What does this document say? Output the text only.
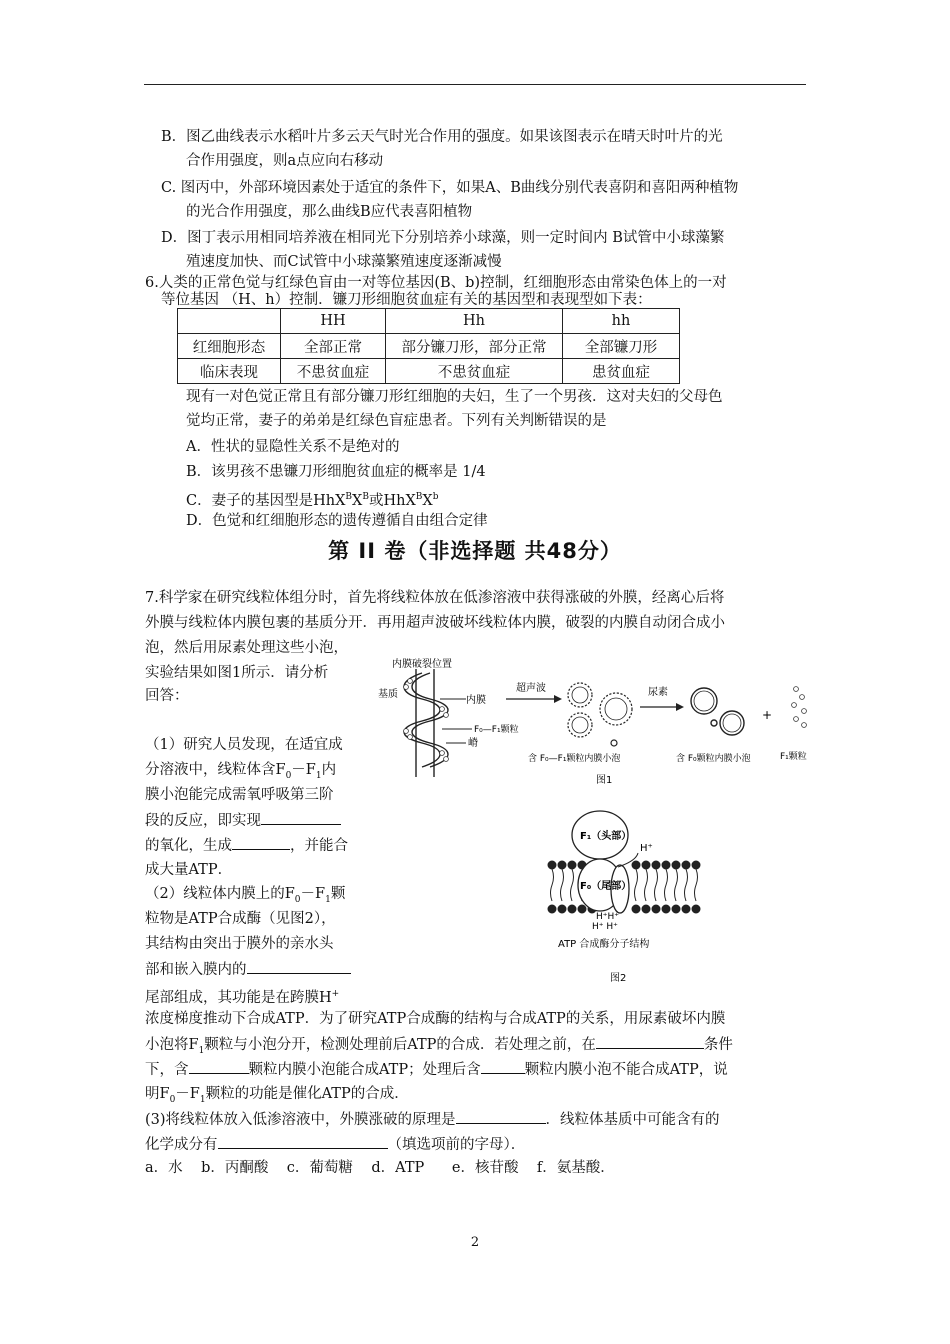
B．图乙曲线表示水稻叶片多云天气时光合作用的强度。如果该图表示在晴天时叶片的光
合作用强度，则a点应向右移动
C. 图丙中，外部环境因素处于适宜的条件下，如果A、B曲线分别代表喜阴和喜阳两种植物
的光合作用强度，那么曲线B应代表喜阳植物
D．图丁表示用相同培养液在相同光下分别培养小球藻，则一定时间内 B试管中小球藻繁
殖速度加快、而C试管中小球藻繁殖速度逐渐减慢
6.人类的正常色觉与红绿色盲由一对等位基因(B、b)控制，红细胞形态由常染色体上的一对
等位基因 （H、h）控制．镰刀形细胞贫血症有关的基因型和表现型如下表：
	HH	Hh	hh
红细胞形态	全部正常	部分镰刀形，部分正常	全部镰刀形
临床表现	不患贫血症	不患贫血症	患贫血症
现有一对色觉正常且有部分镰刀形红细胞的夫妇，生了一个男孩．这对夫妇的父母色
觉均正常，妻子的弟弟是红绿色盲症患者。下列有关判断错误的是
A．性状的显隐性关系不是绝对的
B．该男孩不患镰刀形细胞贫血症的概率是 1/4
C．妻子的基因型是$HhX^BX^B$或$HhX^BX^b$
D．色觉和红细胞形态的遗传遵循自由组合定律
第 II 卷（非选择题 共48分）
7.科学家在研究线粒体组分时，首先将线粒体放在低渗溶液中获得涨破的外膜，经离心后将
外膜与线粒体内膜包裹的基质分开．再用超声波破坏线粒体内膜，破裂的内膜自动闭合成小
泡，然后用尿素处理这些小泡，
实验结果如图1所示．请分析
回答：
（1）研究人员发现，在适宜成
分溶液中，线粒体含$F_0-F_1$内
膜小泡能完成需氧呼吸第三阶
段的反应，即实现
的氧化，生成	，并能合
成大量ATP．
（2）线粒体内膜上的$F_0-F_1$颗
粒物是ATP合成酶（见图2），
其结构由突出于膜外的亲水头
部和嵌入膜内的
尾部组成，其功能是在跨膜H+
浓度梯度推动下合成ATP．为了研究ATP合成酶的结构与合成ATP的关系，用尿素破坏内膜
小泡将$F_1$颗粒与小泡分开，检测处理前后ATP的合成．若处理之前，在	条件
下，含	颗粒内膜小泡能合成ATP；处理后含	颗粒内膜小泡不能合成ATP，说
明$F_0-F_1$颗粒的功能是催化ATP的合成．
(3)将线粒体放入低渗溶液中，外膜涨破的原理是	．线粒体基质中可能含有的
化学成分有	（填选项前的字母）．
a．水    b．丙酮酸    c．葡萄糖    d．ATP      e．核苷酸    f．氨基酸．
内膜破裂位置
基质
内膜
F₀—F₁颗粒
嵴
超声波	尿素
+
含 F₀—F₁颗粒内膜小泡	含 F₀颗粒内膜小泡	F₁颗粒
图1
F₁（头部）
F₀（尾部）
H⁺
H⁺H⁺
H⁺ H⁺
ATP 合成酶分子结构
图2
2
